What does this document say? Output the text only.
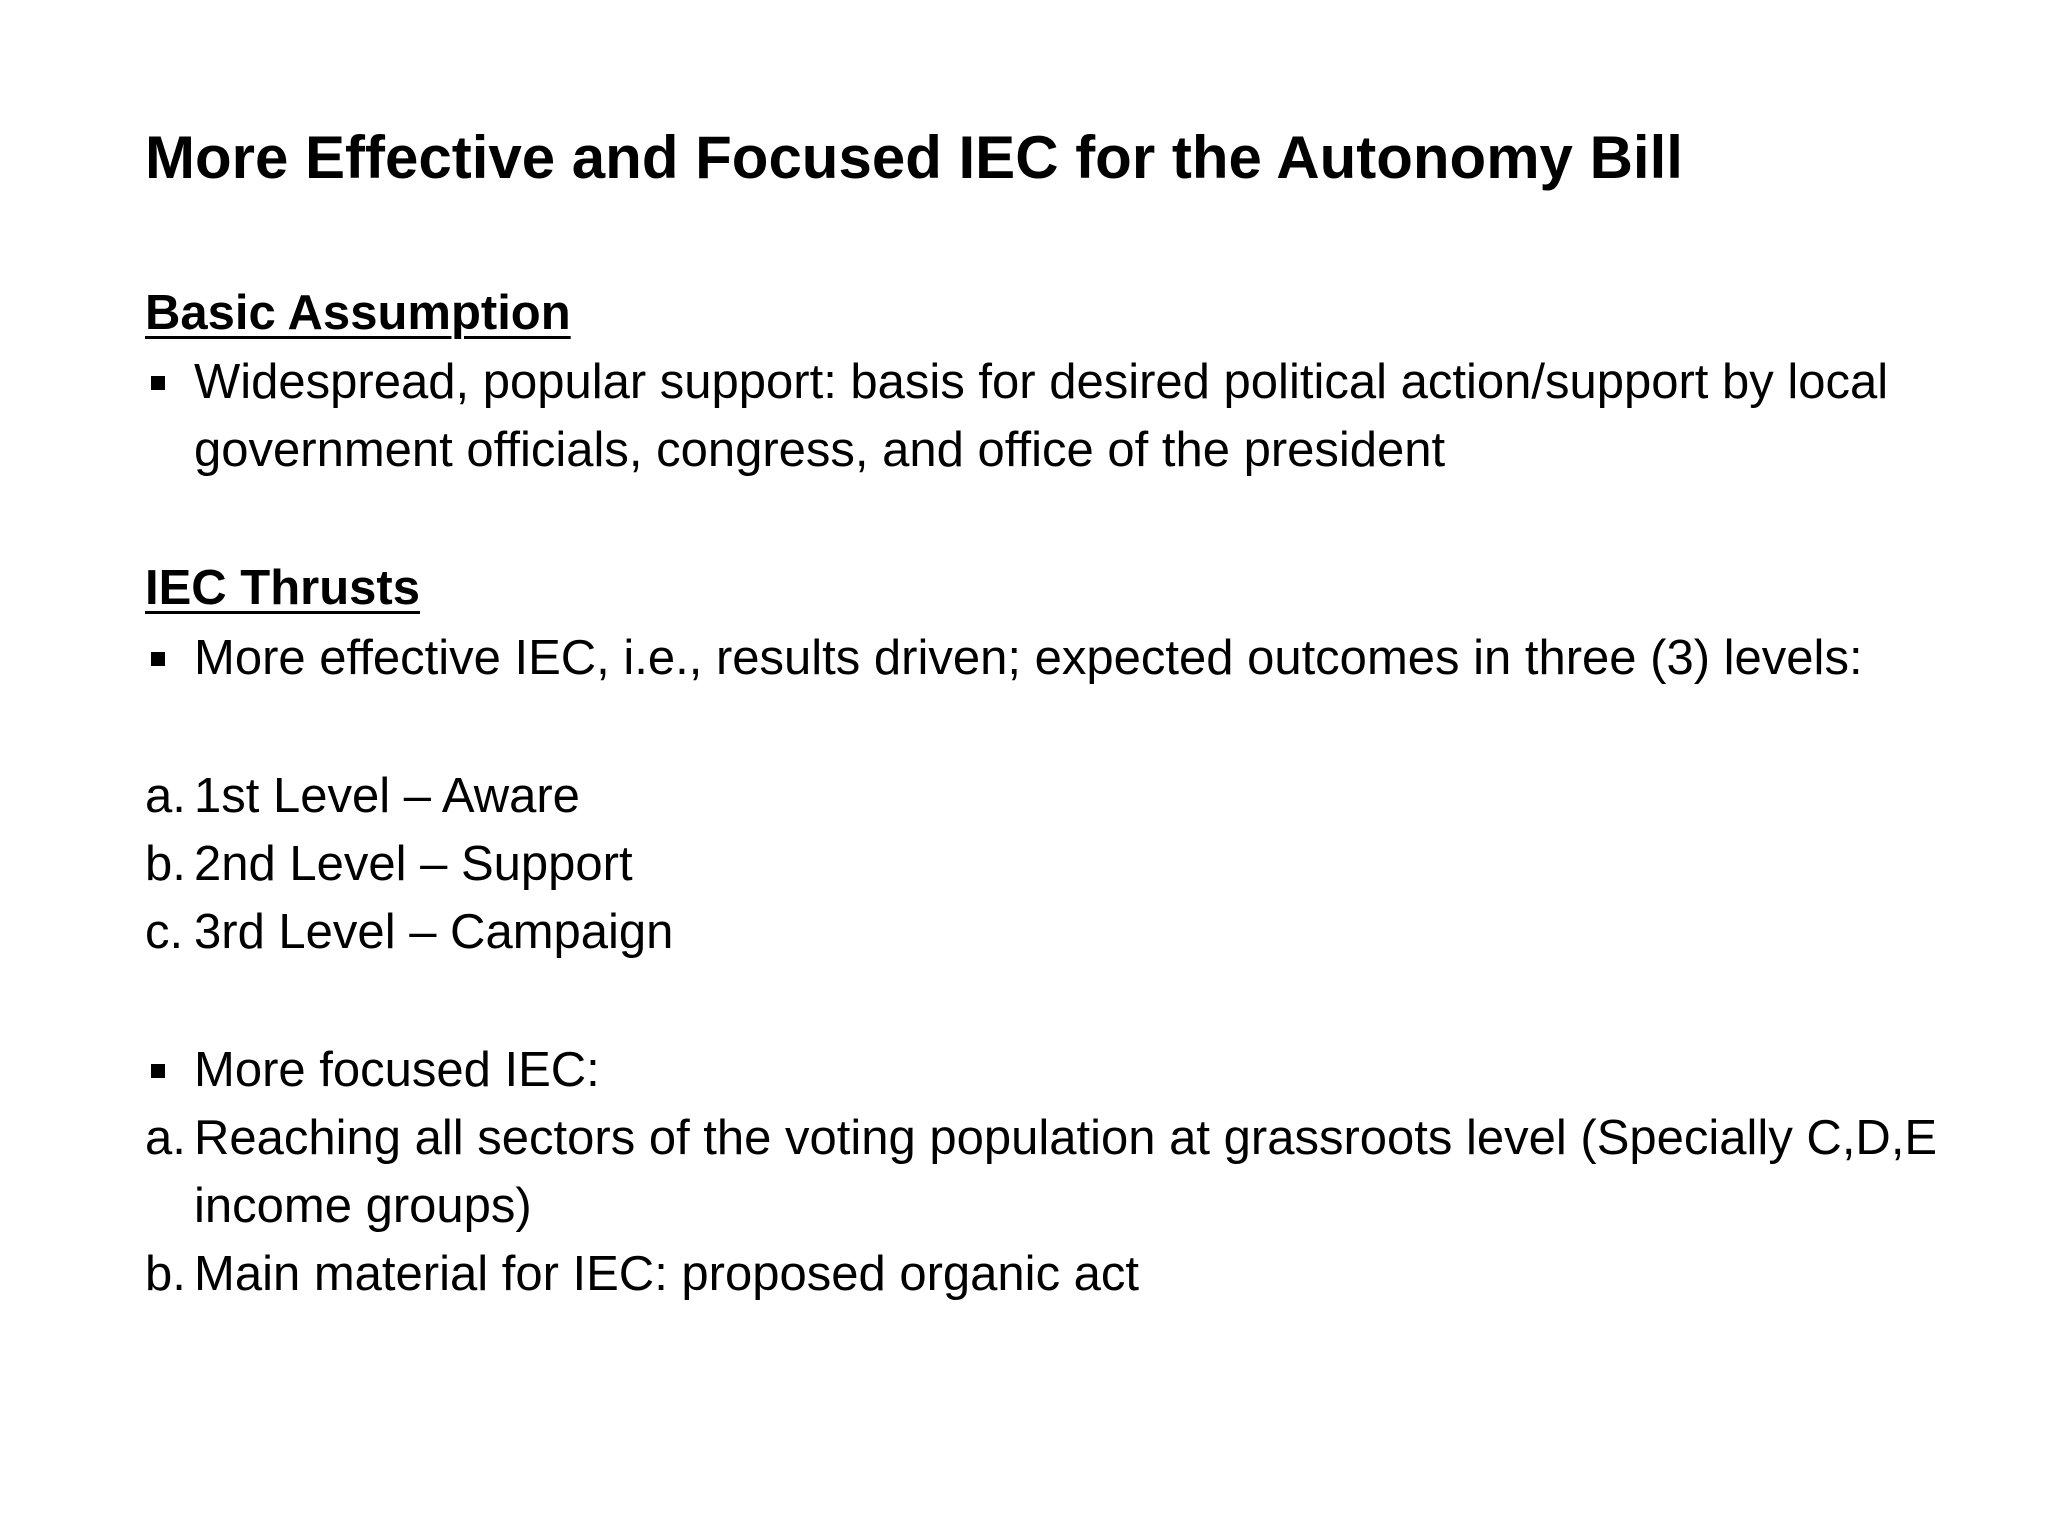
More Effective and Focused IEC for the Autonomy Bill
Basic Assumption
Widespread, popular support: basis for desired political action/support by local government officials, congress, and office of the president
IEC Thrusts
More effective IEC, i.e., results driven; expected outcomes in three (3) levels:
a. 1st Level – Aware
b. 2nd Level – Support
c. 3rd Level – Campaign
More focused IEC:
a. Reaching all sectors of the voting population at grassroots level (Specially C,D,E income groups)
b. Main material for IEC: proposed organic act
